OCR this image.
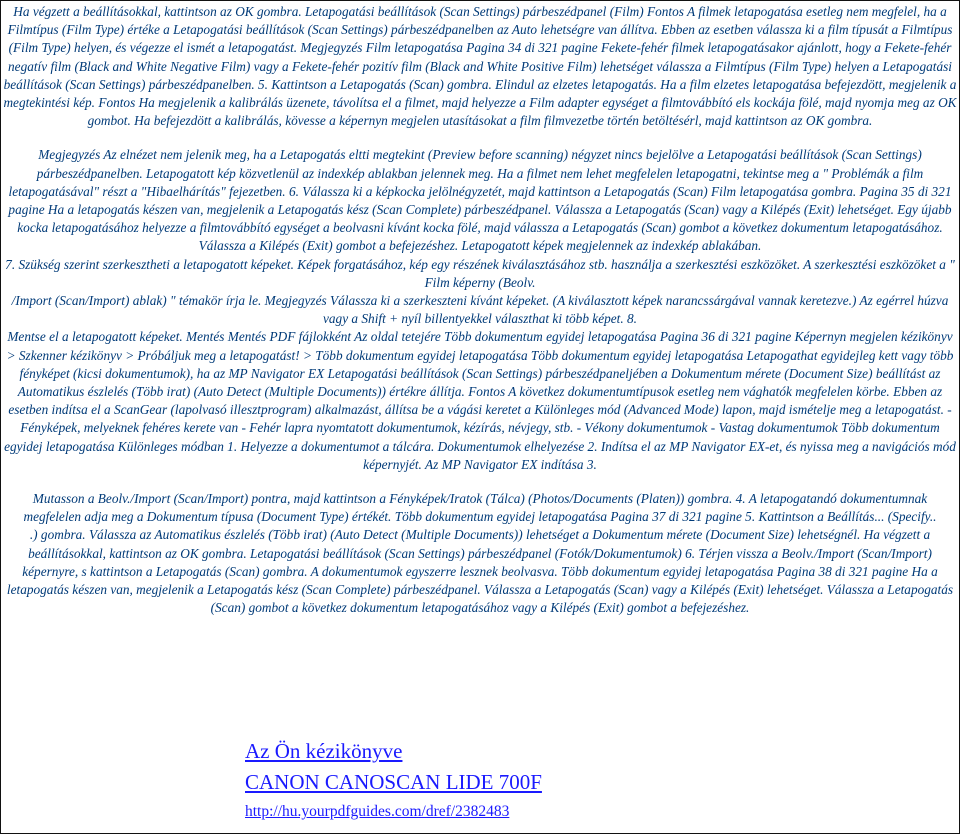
Ha végzett a beállításokkal, kattintson az OK gombra. Letapogatási beállítások (Scan Settings) párbeszédpanel (Film) Fontos A filmek letapogatása esetleg nem megfelel, ha a Filmtípus (Film Type) értéke a Letapogatási beállítások (Scan Settings) párbeszédpanelben az Auto lehetségre van állítva. Ebben az esetben válassza ki a film típusát a Filmtípus (Film Type) helyen, és végezze el ismét a letapogatást. Megjegyzés Film letapogatása Pagina 34 di 321 pagine Fekete-fehér filmek letapogatásakor ajánlott, hogy a Fekete-fehér negatív film (Black and White Negative Film) vagy a Fekete-fehér pozitív film (Black and White Positive Film) lehetséget válassza a Filmtípus (Film Type) helyen a Letapogatási beállítások (Scan Settings) párbeszédpanelben. 5. Kattintson a Letapogatás (Scan) gombra. Elindul az elzetes letapogatás. Ha a film elzetes letapogatása befejezdött, megjelenik a megtekintési kép. Fontos Ha megjelenik a kalibrálás üzenete, távolítsa el a filmet, majd helyezze a Film adapter egységet a filmtovábbító els kockája fölé, majd nyomja meg az OK gombot. Ha befejezdött a kalibrálás, kövesse a képernyn megjelen utasításokat a film filmvezetbe történ betöltésérl, majd kattintson az OK gombra.

Megjegyzés Az elnézet nem jelenik meg, ha a Letapogatás eltti megtekint (Preview before scanning) négyzet nincs bejelölve a Letapogatási beállítások (Scan Settings) párbeszédpanelben. Letapogatott kép közvetlenül az indexkép ablakban jelennek meg. Ha a filmet nem lehet megfelelen letapogatni, tekintse meg a " Problémák a film letapogatásával" részt a "Hibaelhárítás" fejezetben. 6. Válassza ki a képkocka jelölnégyzetét, majd kattintson a Letapogatás (Scan) Film letapogatása gombra. Pagina 35 di 321 pagine Ha a letapogatás készen van, megjelenik a Letapogatás kész (Scan Complete) párbeszédpanel. Válassza a Letapogatás (Scan) vagy a Kilépés (Exit) lehetséget. Egy újabb kocka letapogatásához helyezze a filmtovábbító egységet a beolvasni kívánt kocka fölé, majd válassza a Letapogatás (Scan) gombot a következ dokumentum letapogatásához. Válassza a Kilépés (Exit) gombot a befejezéshez. Letapogatott képek megjelennek az indexkép ablakában.

7. Szükség szerint szerkesztheti a letapogatott képeket. Képek forgatásához, kép egy részének kiválasztásához stb. használja a szerkesztési eszközöket. A szerkesztési eszközöket a " Film képerny (Beolv.

/Import (Scan/Import) ablak) " témakör írja le. Megjegyzés Válassza ki a szerkeszteni kívánt képeket. (A kiválasztott képek narancssárgával vannak keretezve.) Az egérrel húzva vagy a Shift + nyíl billentyekkel választhat ki több képet. 8.

Mentse el a letapogatott képeket. Mentés Mentés PDF fájlokként Az oldal tetejére Több dokumentum egyidej letapogatása Pagina 36 di 321 pagine Képernyn megjelen kézikönyv > Szkenner kézikönyv > Próbáljuk meg a letapogatást! > Több dokumentum egyidej letapogatása Több dokumentum egyidej letapogatása Letapogathat egyidejleg kett vagy több fényképet (kicsi dokumentumok), ha az MP Navigator EX Letapogatási beállítások (Scan Settings) párbeszédpaneljében a Dokumentum mérete (Document Size) beállítást az Automatikus észlelés (Több irat) (Auto Detect (Multiple Documents)) értékre állítja. Fontos A következ dokumentumtípusok esetleg nem vághatók megfelelen körbe. Ebben az esetben indítsa el a ScanGear (lapolvasó illesztprogram) alkalmazást, állítsa be a vágási keretet a Különleges mód (Advanced Mode) lapon, majd ismételje meg a letapogatást. - Fényképek, melyeknek fehéres kerete van - Fehér lapra nyomtatott dokumentumok, kézírás, névjegy, stb. - Vékony dokumentumok - Vastag dokumentumok Több dokumentum egyidej letapogatása Különleges módban 1. Helyezze a dokumentumot a tálcára. Dokumentumok elhelyezése 2. Indítsa el az MP Navigator EX-et, és nyissa meg a navigációs mód képernyjét. Az MP Navigator EX indítása 3.

Mutasson a Beolv./Import (Scan/Import) pontra, majd kattintson a Fényképek/Iratok (Tálca) (Photos/Documents (Platen)) gombra. 4. A letapogatandó dokumentumnak megfelelen adja meg a Dokumentum típusa (Document Type) értékét. Több dokumentum egyidej letapogatása Pagina 37 di 321 pagine 5. Kattintson a Beállítás... (Specify..

.) gombra. Válassza az Automatikus észlelés (Több irat) (Auto Detect (Multiple Documents)) lehetséget a Dokumentum mérete (Document Size) lehetségnél. Ha végzett a beállításokkal, kattintson az OK gombra. Letapogatási beállítások (Scan Settings) párbeszédpanel (Fotók/Dokumentumok) 6. Térjen vissza a Beolv./Import (Scan/Import) képernyre, s kattintson a Letapogatás (Scan) gombra. A dokumentumok egyszerre lesznek beolvasva. Több dokumentum egyidej letapogatása Pagina 38 di 321 pagine Ha a letapogatás készen van, megjelenik a Letapogatás kész (Scan Complete) párbeszédpanel. Válassza a Letapogatás (Scan) vagy a Kilépés (Exit) lehetséget. Válassza a Letapogatás (Scan) gombot a következ dokumentum letapogatásához vagy a Kilépés (Exit) gombot a befejezéshez.

Az Ön kézikönyve
CANON CANOSCAN LIDE 700F
http://hu.yourpdfguides.com/dref/2382483
